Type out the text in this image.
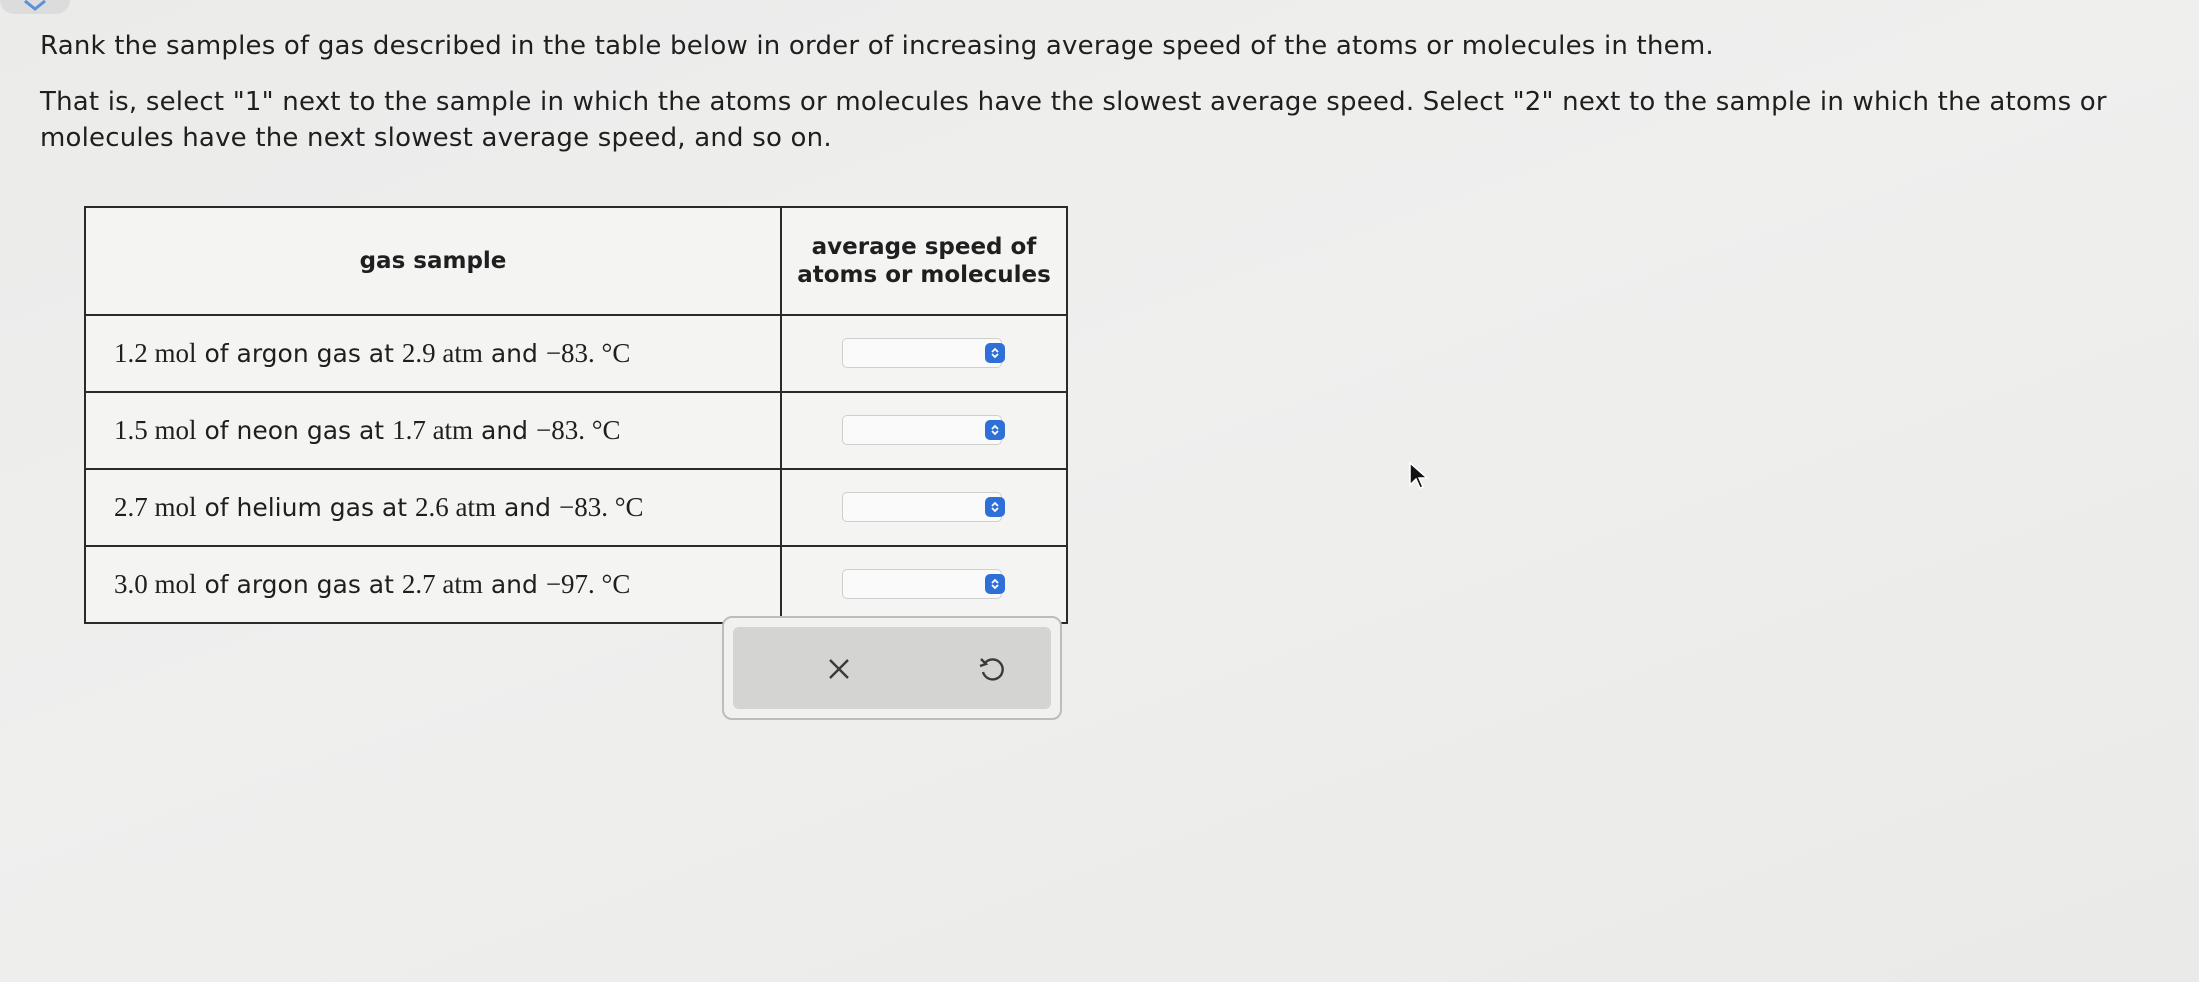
Rank the samples of gas described in the table below in order of increasing average speed of the atoms or molecules in them.

That is, select "1" next to the sample in which the atoms or molecules have the slowest average speed. Select "2" next to the sample in which the atoms or molecules have the next slowest average speed, and so on.

gas sample	average speed of
atoms or molecules
1.2 mol of argon gas at 2.9 atm and −83. °C	

1.5 mol of neon gas at 1.7 atm and −83. °C	

2.7 mol of helium gas at 2.6 atm and −83. °C	

3.0 mol of argon gas at 2.7 atm and −97. °C	
